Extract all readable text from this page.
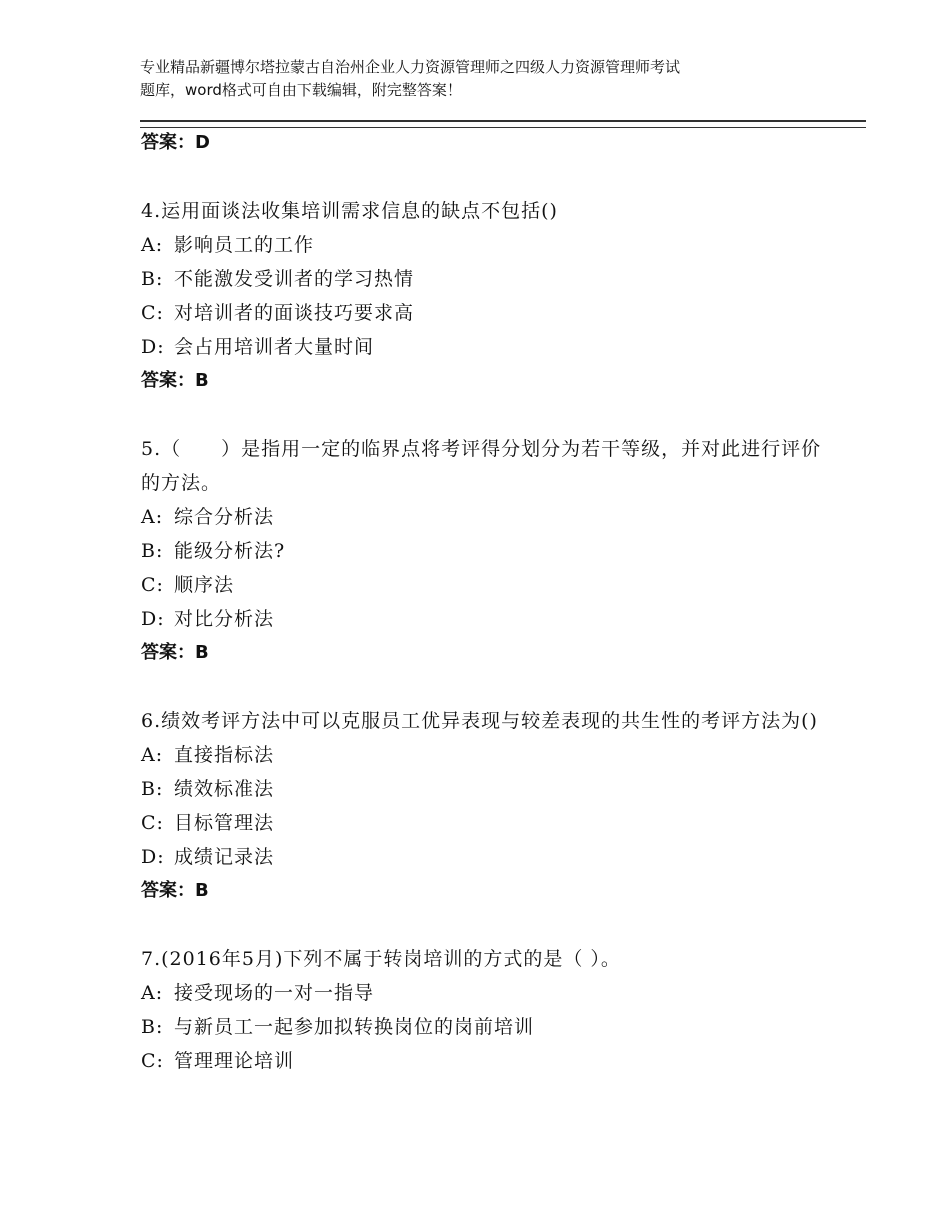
专业精品新疆博尔塔拉蒙古自治州企业人力资源管理师之四级人力资源管理师考试
题库，word格式可自由下载编辑，附完整答案！
答案：D
4.运用面谈法收集培训需求信息的缺点不包括()
A: 影响员工的工作
B: 不能激发受训者的学习热情
C: 对培训者的面谈技巧要求高
D: 会占用培训者大量时间
答案：B
5.（　　）是指用一定的临界点将考评得分划分为若干等级，并对此进行评价的方法。
A: 综合分析法
B: 能级分析法?
C: 顺序法
D: 对比分析法
答案：B
6.绩效考评方法中可以克服员工优异表现与较差表现的共生性的考评方法为()
A: 直接指标法
B: 绩效标准法
C: 目标管理法
D: 成绩记录法
答案：B
7.(2016年5月)下列不属于转岗培训的方式的是（ ）。
A: 接受现场的一对一指导
B: 与新员工一起参加拟转换岗位的岗前培训
C: 管理理论培训
